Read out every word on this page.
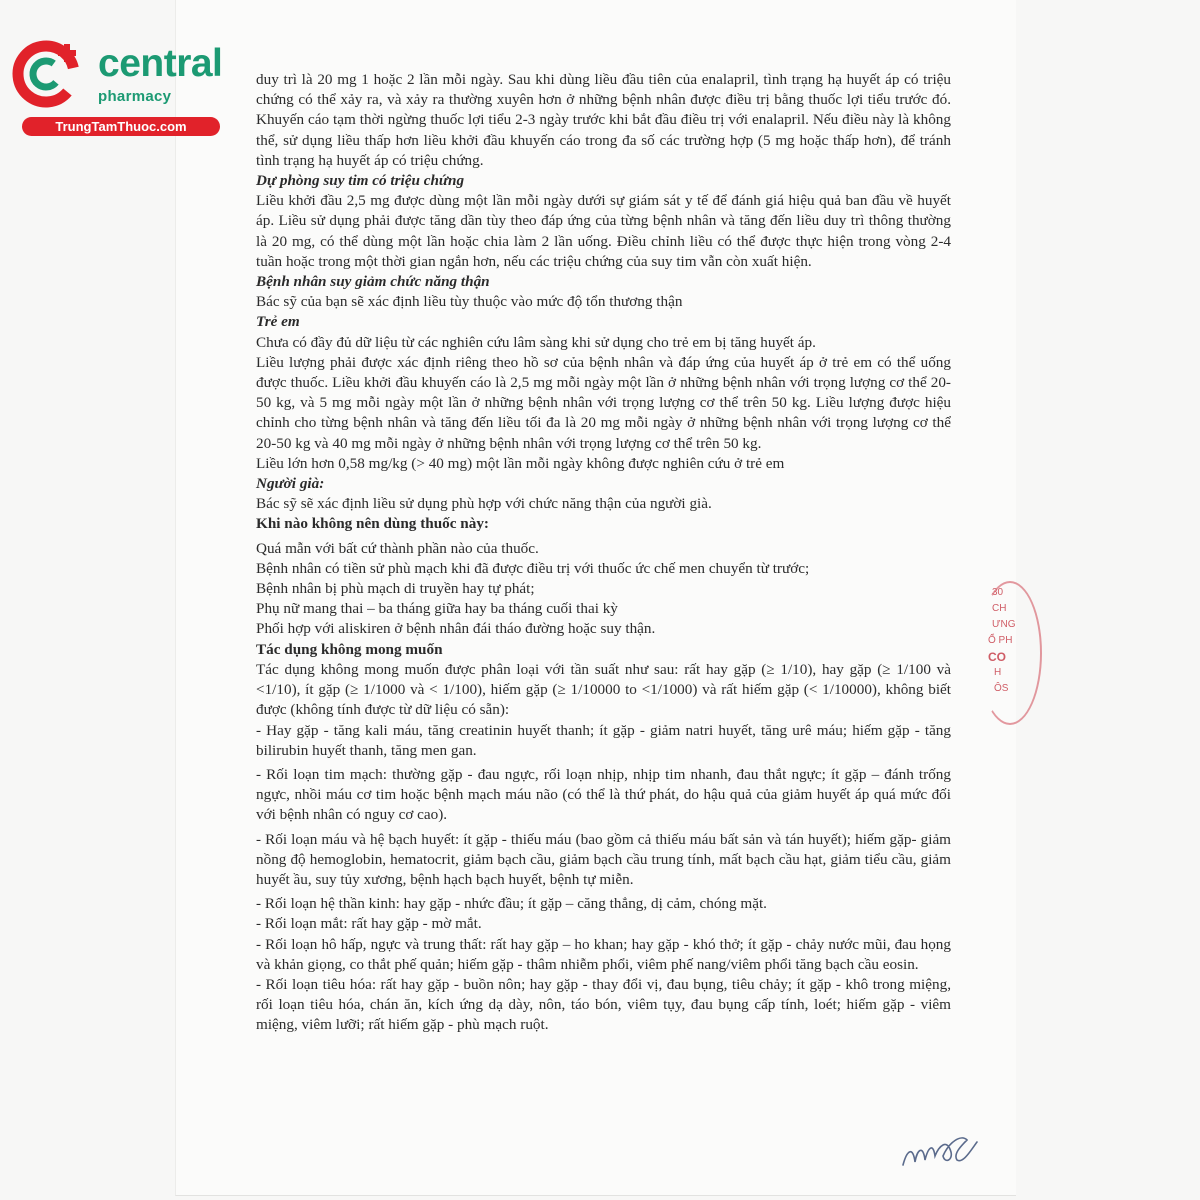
central
pharmacy
TrungTamThuoc.com

duy trì là 20 mg 1 hoặc 2 lần mỗi ngày. Sau khi dùng liều đầu tiên của enalapril, tình trạng hạ huyết áp có triệu chứng có thể xảy ra, và xảy ra thường xuyên hơn ở những bệnh nhân được điều trị bằng thuốc lợi tiểu trước đó. Khuyến cáo tạm thời ngừng thuốc lợi tiểu 2-3 ngày trước khi bắt đầu điều trị với enalapril. Nếu điều này là không thể, sử dụng liều thấp hơn liều khởi đầu khuyến cáo trong đa số các trường hợp (5 mg hoặc thấp hơn), để tránh tình trạng hạ huyết áp có triệu chứng.

Dự phòng suy tim có triệu chứng

Liều khởi đầu 2,5 mg được dùng một lần mỗi ngày dưới sự giám sát y tế để đánh giá hiệu quả ban đầu về huyết áp. Liều sử dụng phải được tăng dần tùy theo đáp ứng của từng bệnh nhân và tăng đến liều duy trì thông thường là 20 mg, có thể dùng một lần hoặc chia làm 2 lần uống. Điều chỉnh liều có thể được thực hiện trong vòng 2-4 tuần hoặc trong một thời gian ngắn hơn, nếu các triệu chứng của suy tim vẫn còn xuất hiện.

Bệnh nhân suy giảm chức năng thận

Bác sỹ của bạn sẽ xác định liều tùy thuộc vào mức độ tổn thương thận

Trẻ em

Chưa có đầy đủ dữ liệu từ các nghiên cứu lâm sàng khi sử dụng cho trẻ em bị tăng huyết áp.

Liều lượng phải được xác định riêng theo hồ sơ của bệnh nhân và đáp ứng của huyết áp ở trẻ em có thể uống được thuốc. Liều khởi đầu khuyến cáo là 2,5 mg mỗi ngày một lần ở những bệnh nhân với trọng lượng cơ thể 20-50 kg, và 5 mg mỗi ngày một lần ở những bệnh nhân với trọng lượng cơ thể trên 50 kg. Liều lượng được hiệu chỉnh cho từng bệnh nhân và tăng đến liều tối đa là 20 mg mỗi ngày ở những bệnh nhân với trọng lượng cơ thể 20-50 kg và 40 mg mỗi ngày ở những bệnh nhân với trọng lượng cơ thể trên 50 kg.

Liều lớn hơn 0,58 mg/kg (> 40 mg) một lần mỗi ngày không được nghiên cứu ở trẻ em

Người già:

Bác sỹ sẽ xác định liều sử dụng phù hợp với chức năng thận của người già.

Khi nào không nên dùng thuốc này:

Quá mẫn với bất cứ thành phần nào của thuốc.

Bệnh nhân có tiền sử phù mạch khi đã được điều trị với thuốc ức chế men chuyển từ trước;

Bệnh nhân bị phù mạch di truyền hay tự phát;

Phụ nữ mang thai – ba tháng giữa hay ba tháng cuối thai kỳ

Phối hợp với aliskiren ở bệnh nhân đái tháo đường hoặc suy thận.

Tác dụng không mong muốn

Tác dụng không mong muốn được phân loại với tần suất như sau: rất hay gặp (≥ 1/10), hay gặp (≥ 1/100 và <1/10), ít gặp (≥ 1/1000 và < 1/100), hiếm gặp (≥ 1/10000 to <1/1000) và rất hiếm gặp (< 1/10000), không biết được (không tính được từ dữ liệu có sẵn):

- Hay gặp - tăng kali máu, tăng creatinin huyết thanh; ít gặp - giảm natri huyết, tăng urê máu; hiếm gặp - tăng bilirubin huyết thanh, tăng men gan.

- Rối loạn tim mạch: thường gặp - đau ngực, rối loạn nhịp, nhịp tim nhanh, đau thắt ngực; ít gặp – đánh trống ngực, nhồi máu cơ tim hoặc bệnh mạch máu não (có thể là thứ phát, do hậu quả của giảm huyết áp quá mức đối với bệnh nhân có nguy cơ cao).

- Rối loạn máu và hệ bạch huyết: ít gặp - thiếu máu (bao gồm cả thiếu máu bất sản và tán huyết); hiếm gặp- giảm nồng độ hemoglobin, hematocrit, giảm bạch cầu, giảm bạch cầu trung tính, mất bạch cầu hạt, giảm tiểu cầu, giảm huyết ầu, suy tủy xương, bệnh hạch bạch huyết, bệnh tự miễn.

- Rối loạn hệ thần kinh: hay gặp - nhức đầu; ít gặp – căng thẳng, dị cảm, chóng mặt.

- Rối loạn mắt: rất hay gặp - mờ mắt.

- Rối loạn hô hấp, ngực và trung thất: rất hay gặp – ho khan; hay gặp - khó thở; ít gặp - chảy nước mũi, đau họng và khản giọng, co thắt phế quản; hiếm gặp - thâm nhiễm phổi, viêm phế nang/viêm phổi tăng bạch cầu eosin.

- Rối loạn tiêu hóa: rất hay gặp - buồn nôn; hay gặp - thay đổi vị, đau bụng, tiêu chảy; ít gặp - khô trong miệng, rối loạn tiêu hóa, chán ăn, kích ứng dạ dày, nôn, táo bón, viêm tụy, đau bụng cấp tính, loét; hiếm gặp - viêm miệng, viêm lưỡi; rất hiếm gặp - phù mạch ruột.

30
CH
ƯNG
Ổ PH
CO
H
ÔS
